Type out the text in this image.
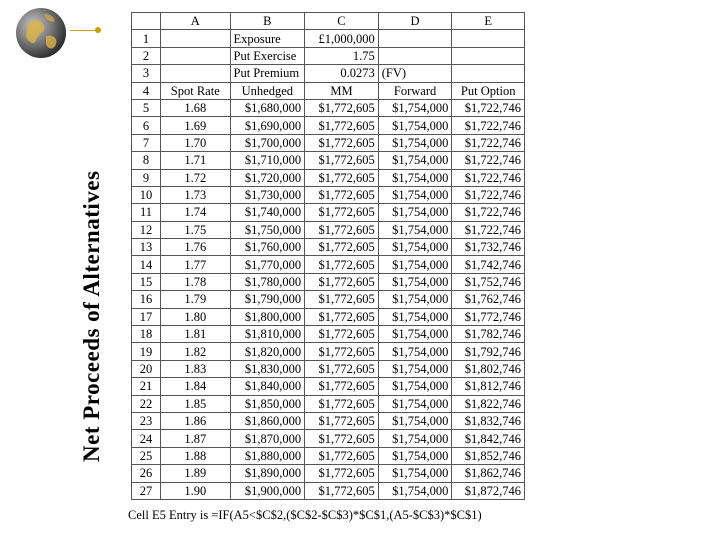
Net Proceeds of Alternatives
	A	B	C	D	E
1		Exposure	£1,000,000		
2		Put Exercise	1.75		
3		Put Premium	0.0273	(FV)	
4	Spot Rate	Unhedged	MM	Forward	Put Option
5	1.68	$1,680,000	$1,772,605	$1,754,000	$1,722,746
6	1.69	$1,690,000	$1,772,605	$1,754,000	$1,722,746
7	1.70	$1,700,000	$1,772,605	$1,754,000	$1,722,746
8	1.71	$1,710,000	$1,772,605	$1,754,000	$1,722,746
9	1.72	$1,720,000	$1,772,605	$1,754,000	$1,722,746
10	1.73	$1,730,000	$1,772,605	$1,754,000	$1,722,746
11	1.74	$1,740,000	$1,772,605	$1,754,000	$1,722,746
12	1.75	$1,750,000	$1,772,605	$1,754,000	$1,722,746
13	1.76	$1,760,000	$1,772,605	$1,754,000	$1,732,746
14	1.77	$1,770,000	$1,772,605	$1,754,000	$1,742,746
15	1.78	$1,780,000	$1,772,605	$1,754,000	$1,752,746
16	1.79	$1,790,000	$1,772,605	$1,754,000	$1,762,746
17	1.80	$1,800,000	$1,772,605	$1,754,000	$1,772,746
18	1.81	$1,810,000	$1,772,605	$1,754,000	$1,782,746
19	1.82	$1,820,000	$1,772,605	$1,754,000	$1,792,746
20	1.83	$1,830,000	$1,772,605	$1,754,000	$1,802,746
21	1.84	$1,840,000	$1,772,605	$1,754,000	$1,812,746
22	1.85	$1,850,000	$1,772,605	$1,754,000	$1,822,746
23	1.86	$1,860,000	$1,772,605	$1,754,000	$1,832,746
24	1.87	$1,870,000	$1,772,605	$1,754,000	$1,842,746
25	1.88	$1,880,000	$1,772,605	$1,754,000	$1,852,746
26	1.89	$1,890,000	$1,772,605	$1,754,000	$1,862,746
27	1.90	$1,900,000	$1,772,605	$1,754,000	$1,872,746
Cell E5 Entry is =IF(A5<$C$2,($C$2-$C$3)*$C$1,(A5-$C$3)*$C$1)
